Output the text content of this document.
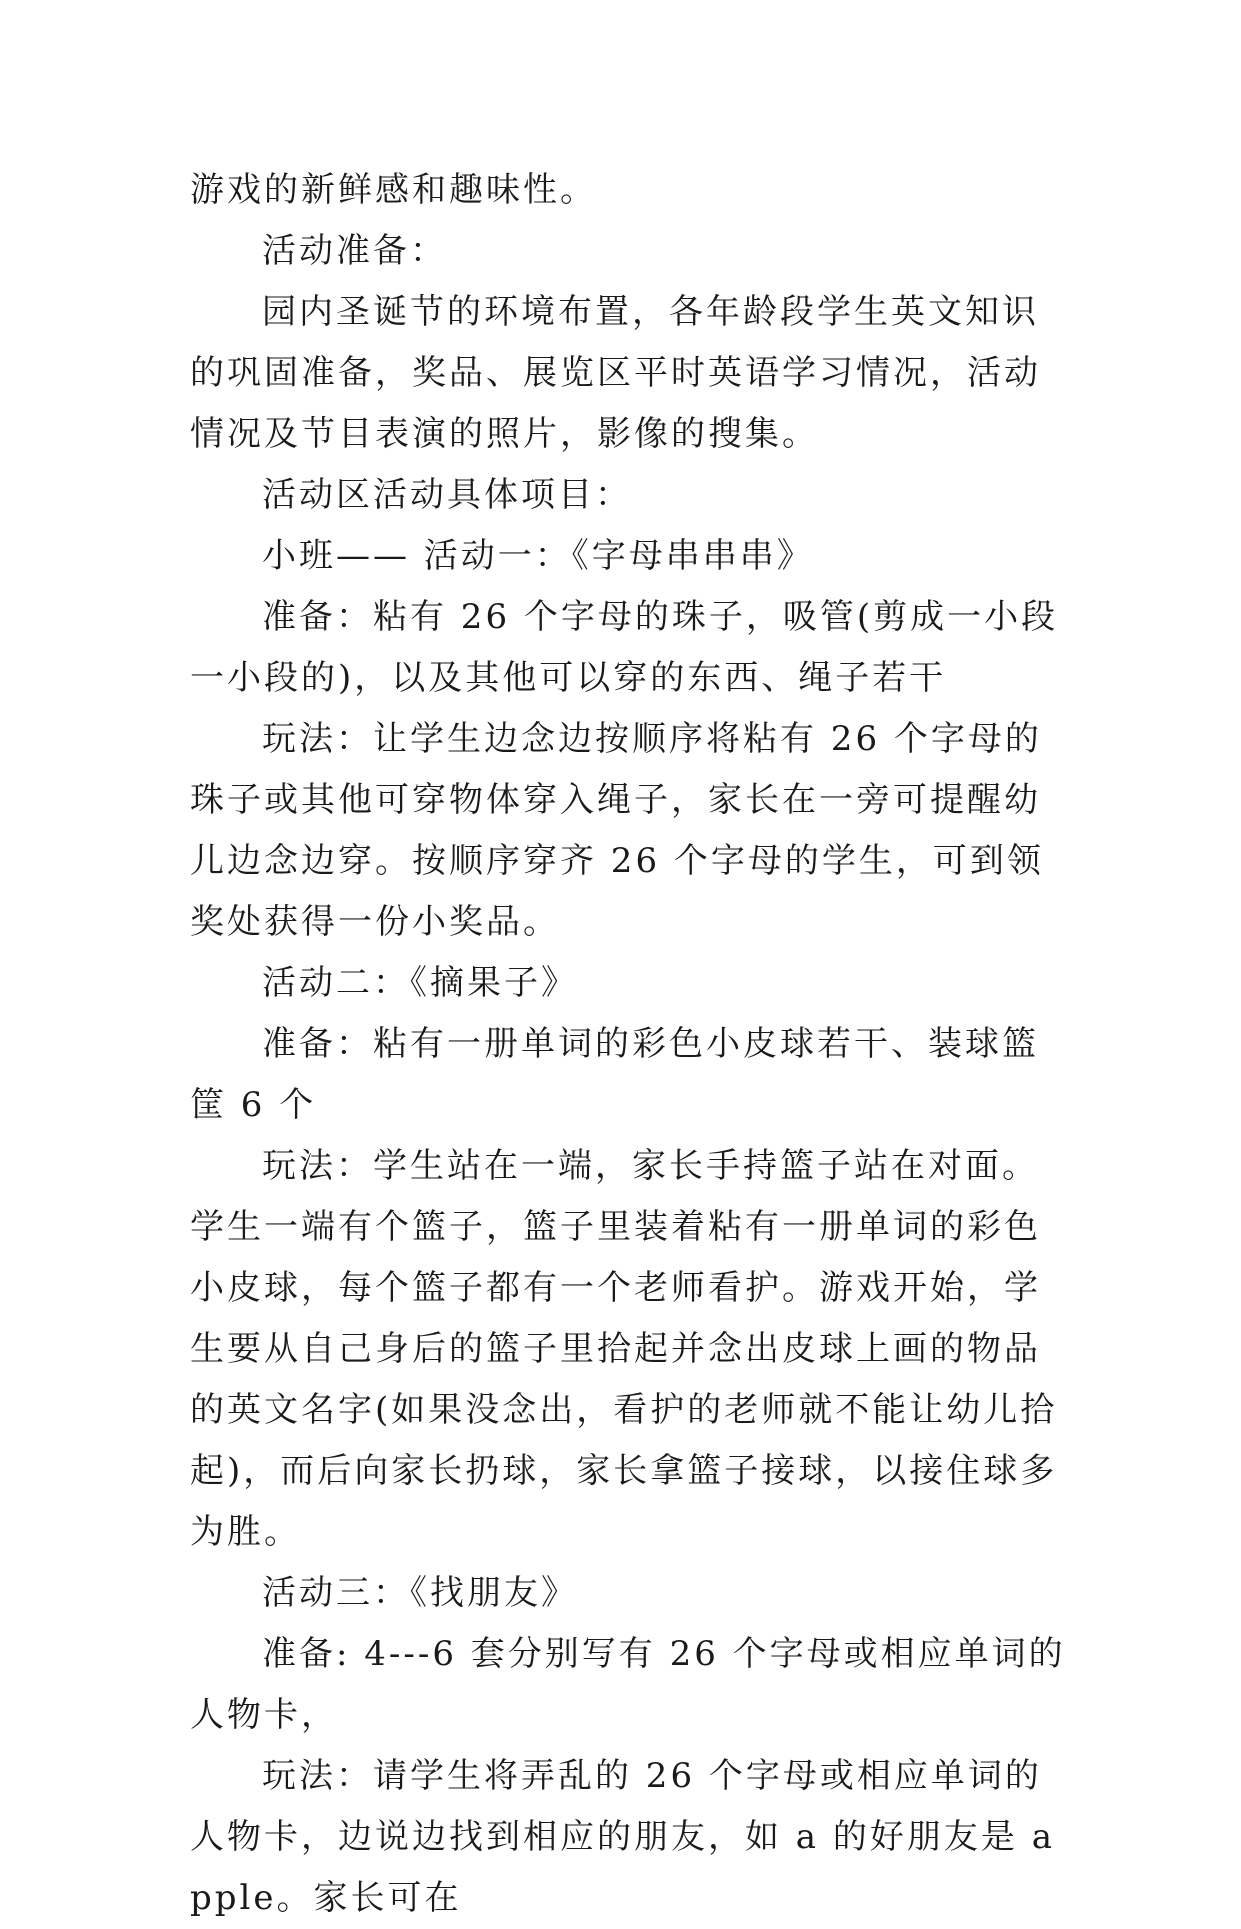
游戏的新鲜感和趣味性。

活动准备：

园内圣诞节的环境布置，各年龄段学生英文知识的巩固准备，奖品、展览区平时英语学习情况，活动情况及节目表演的照片，影像的搜集。

活动区活动具体项目：

小班—— 活动一：《字母串串串》

准备：粘有 26 个字母的珠子，吸管(剪成一小段一小段的)，以及其他可以穿的东西、绳子若干

玩法：让学生边念边按顺序将粘有 26 个字母的珠子或其他可穿物体穿入绳子，家长在一旁可提醒幼儿边念边穿。按顺序穿齐 26 个字母的学生，可到领奖处获得一份小奖品。

活动二：《摘果子》

准备：粘有一册单词的彩色小皮球若干、装球篮筐 6 个

玩法：学生站在一端，家长手持篮子站在对面。学生一端有个篮子，篮子里装着粘有一册单词的彩色小皮球，每个篮子都有一个老师看护。游戏开始，学生要从自己身后的篮子里拾起并念出皮球上画的物品的英文名字(如果没念出，看护的老师就不能让幼儿拾起)，而后向家长扔球，家长拿篮子接球，以接住球多为胜。

活动三：《找朋友》

准备: 4---6 套分别写有 26 个字母或相应单词的人物卡，

玩法：请学生将弄乱的 26 个字母或相应单词的人物卡，边说边找到相应的朋友，如 a 的好朋友是 apple。家长可在
